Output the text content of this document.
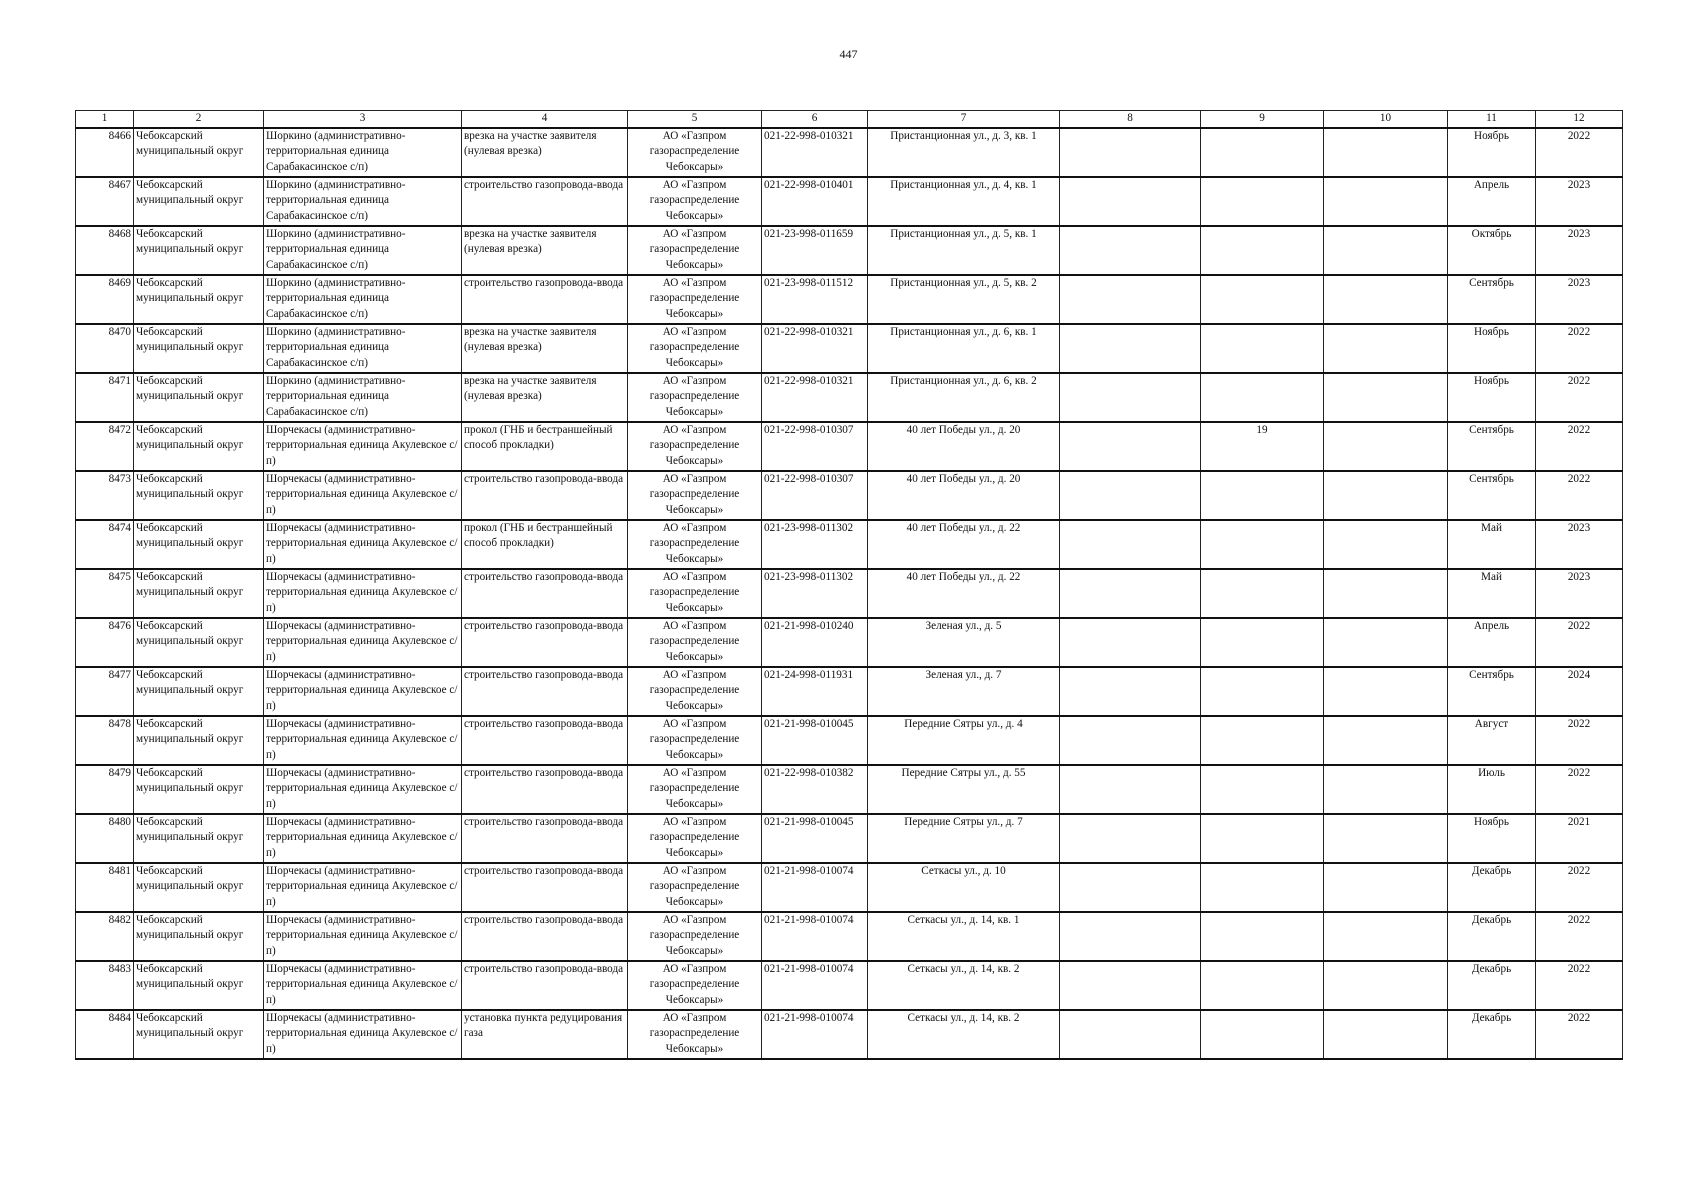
447
1	2	3	4	5	6	7	8	9	10	11	12
8466	Чебоксарский муниципальный округ	Шоркино (административно-территориальная единица Сарабакасинское с/п)	врезка на участке заявителя (нулевая врезка)	АО «Газпром газораспределение Чебоксары»	021-22-998-010321	Пристанционная ул., д. 3, кв. 1				Ноябрь	2022
8467	Чебоксарский муниципальный округ	Шоркино (административно-территориальная единица Сарабакасинское с/п)	строительство газопровода-ввода	АО «Газпром газораспределение Чебоксары»	021-22-998-010401	Пристанционная ул., д. 4, кв. 1				Апрель	2023
8468	Чебоксарский муниципальный округ	Шоркино (административно-территориальная единица Сарабакасинское с/п)	врезка на участке заявителя (нулевая врезка)	АО «Газпром газораспределение Чебоксары»	021-23-998-011659	Пристанционная ул., д. 5, кв. 1				Октябрь	2023
8469	Чебоксарский муниципальный округ	Шоркино (административно-территориальная единица Сарабакасинское с/п)	строительство газопровода-ввода	АО «Газпром газораспределение Чебоксары»	021-23-998-011512	Пристанционная ул., д. 5, кв. 2				Сентябрь	2023
8470	Чебоксарский муниципальный округ	Шоркино (административно-территориальная единица Сарабакасинское с/п)	врезка на участке заявителя (нулевая врезка)	АО «Газпром газораспределение Чебоксары»	021-22-998-010321	Пристанционная ул., д. 6, кв. 1				Ноябрь	2022
8471	Чебоксарский муниципальный округ	Шоркино (административно-территориальная единица Сарабакасинское с/п)	врезка на участке заявителя (нулевая врезка)	АО «Газпром газораспределение Чебоксары»	021-22-998-010321	Пристанционная ул., д. 6, кв. 2				Ноябрь	2022
8472	Чебоксарский муниципальный округ	Шорчекасы (административно-территориальная единица Акулевское с/п)	прокол (ГНБ и бестраншейный способ прокладки)	АО «Газпром газораспределение Чебоксары»	021-22-998-010307	40 лет Победы ул., д. 20		19		Сентябрь	2022
8473	Чебоксарский муниципальный округ	Шорчекасы (административно-территориальная единица Акулевское с/п)	строительство газопровода-ввода	АО «Газпром газораспределение Чебоксары»	021-22-998-010307	40 лет Победы ул., д. 20				Сентябрь	2022
8474	Чебоксарский муниципальный округ	Шорчекасы (административно-территориальная единица Акулевское с/п)	прокол (ГНБ и бестраншейный способ прокладки)	АО «Газпром газораспределение Чебоксары»	021-23-998-011302	40 лет Победы ул., д. 22				Май	2023
8475	Чебоксарский муниципальный округ	Шорчекасы (административно-территориальная единица Акулевское с/п)	строительство газопровода-ввода	АО «Газпром газораспределение Чебоксары»	021-23-998-011302	40 лет Победы ул., д. 22				Май	2023
8476	Чебоксарский муниципальный округ	Шорчекасы (административно-территориальная единица Акулевское с/п)	строительство газопровода-ввода	АО «Газпром газораспределение Чебоксары»	021-21-998-010240	Зеленая ул., д. 5				Апрель	2022
8477	Чебоксарский муниципальный округ	Шорчекасы (административно-территориальная единица Акулевское с/п)	строительство газопровода-ввода	АО «Газпром газораспределение Чебоксары»	021-24-998-011931	Зеленая ул., д. 7				Сентябрь	2024
8478	Чебоксарский муниципальный округ	Шорчекасы (административно-территориальная единица Акулевское с/п)	строительство газопровода-ввода	АО «Газпром газораспределение Чебоксары»	021-21-998-010045	Передние Сятры ул., д. 4				Август	2022
8479	Чебоксарский муниципальный округ	Шорчекасы (административно-территориальная единица Акулевское с/п)	строительство газопровода-ввода	АО «Газпром газораспределение Чебоксары»	021-22-998-010382	Передние Сятры ул., д. 55				Июль	2022
8480	Чебоксарский муниципальный округ	Шорчекасы (административно-территориальная единица Акулевское с/п)	строительство газопровода-ввода	АО «Газпром газораспределение Чебоксары»	021-21-998-010045	Передние Сятры ул., д. 7				Ноябрь	2021
8481	Чебоксарский муниципальный округ	Шорчекасы (административно-территориальная единица Акулевское с/п)	строительство газопровода-ввода	АО «Газпром газораспределение Чебоксары»	021-21-998-010074	Сеткасы ул., д. 10				Декабрь	2022
8482	Чебоксарский муниципальный округ	Шорчекасы (административно-территориальная единица Акулевское с/п)	строительство газопровода-ввода	АО «Газпром газораспределение Чебоксары»	021-21-998-010074	Сеткасы ул., д. 14, кв. 1				Декабрь	2022
8483	Чебоксарский муниципальный округ	Шорчекасы (административно-территориальная единица Акулевское с/п)	строительство газопровода-ввода	АО «Газпром газораспределение Чебоксары»	021-21-998-010074	Сеткасы ул., д. 14, кв. 2				Декабрь	2022
8484	Чебоксарский муниципальный округ	Шорчекасы (административно-территориальная единица Акулевское с/п)	установка пункта редуцирования газа	АО «Газпром газораспределение Чебоксары»	021-21-998-010074	Сеткасы ул., д. 14, кв. 2				Декабрь	2022
